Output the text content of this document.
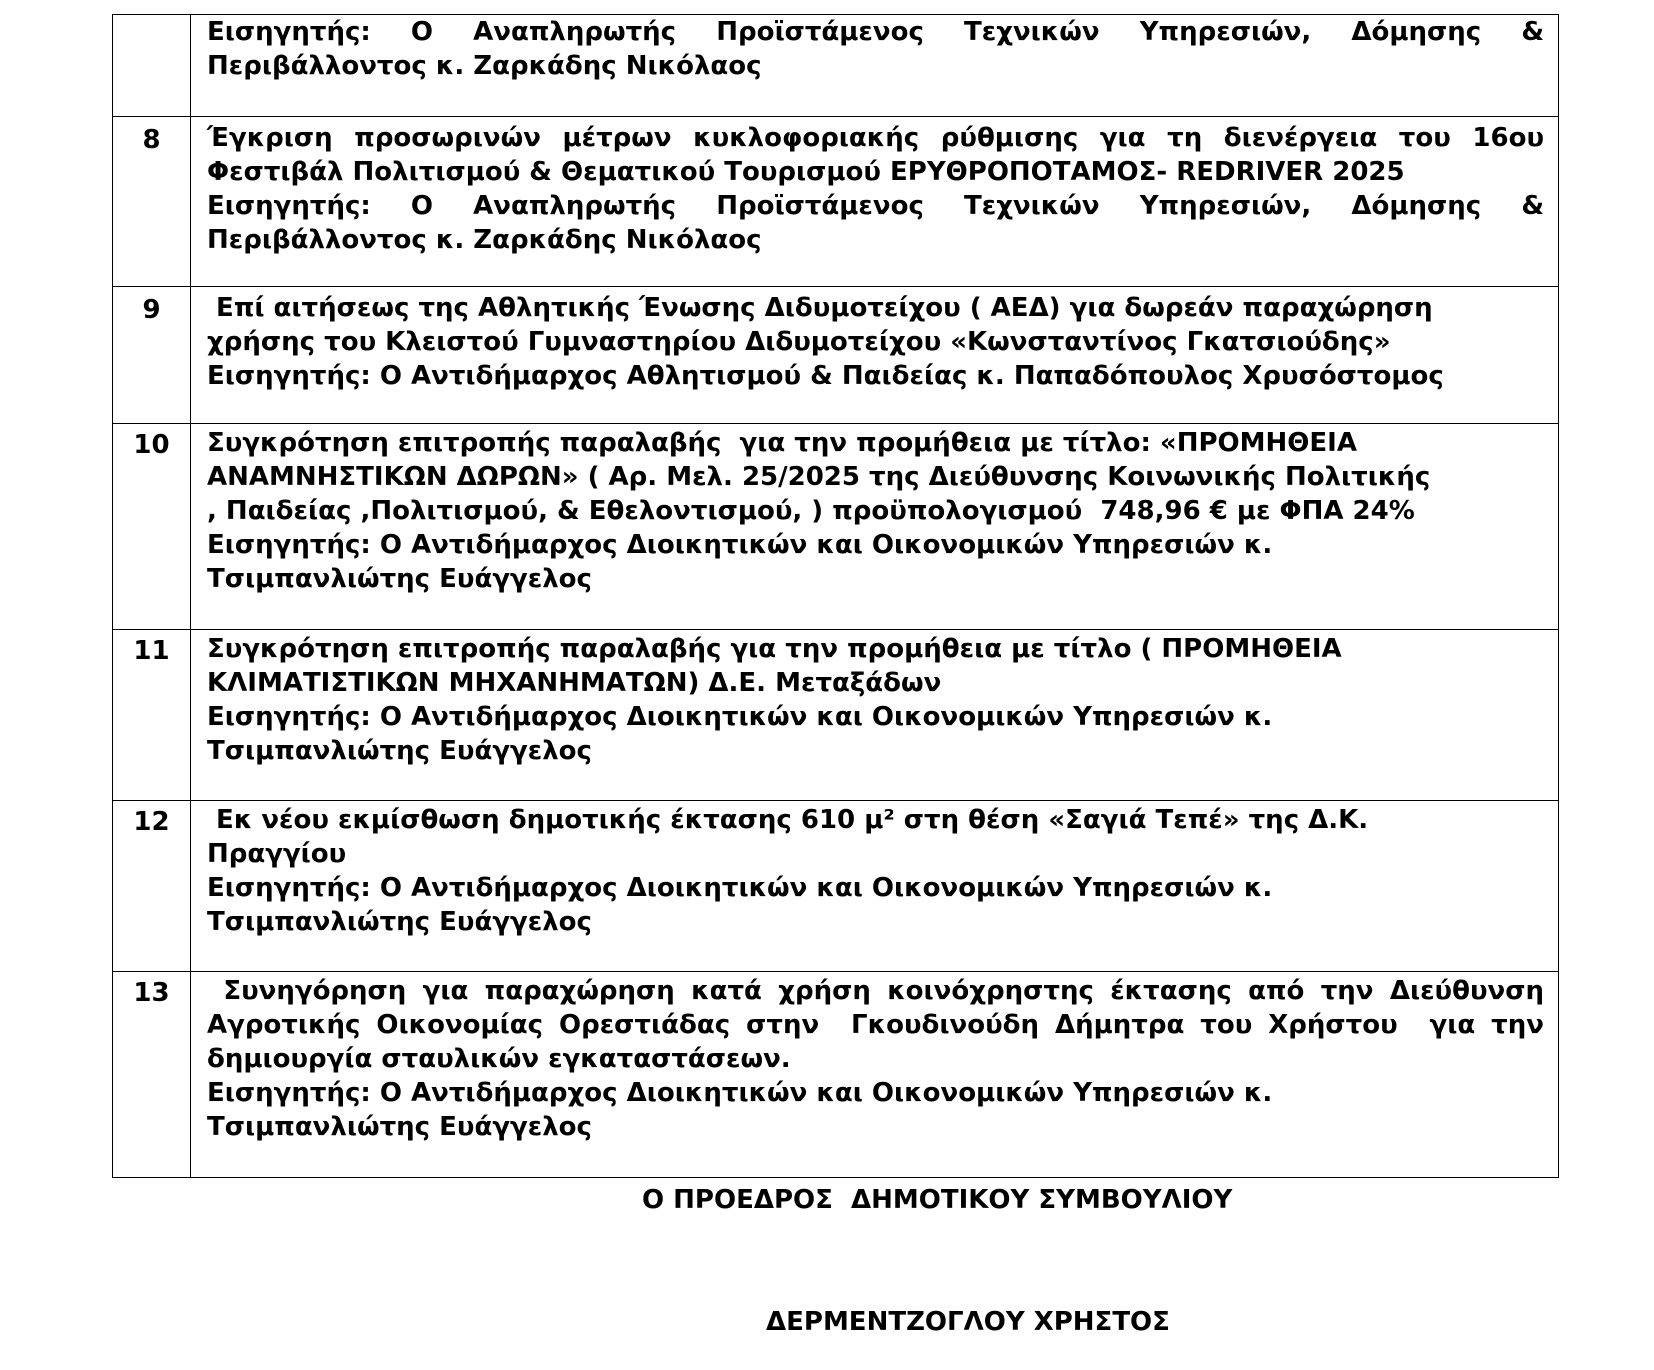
	Εισηγητής: Ο Αναπληρωτής Προϊστάμενος Τεχνικών Υπηρεσιών, Δόμησης &
Περιβάλλοντος κ. Ζαρκάδης Νικόλαος

8	Έγκριση προσωρινών μέτρων κυκλοφοριακής ρύθμισης για τη διενέργεια του 16ου
Φεστιβάλ Πολιτισμού & Θεματικού Τουρισμού ΕΡΥΘΡΟΠΟΤΑΜΟΣ- REDRIVER 2025
Εισηγητής: Ο Αναπληρωτής Προϊστάμενος Τεχνικών Υπηρεσιών, Δόμησης &
Περιβάλλοντος κ. Ζαρκάδης Νικόλαος

9	Επί αιτήσεως της Αθλητικής Ένωσης Διδυμοτείχου ( ΑΕΔ) για δωρεάν παραχώρηση
χρήσης του Κλειστού Γυμναστηρίου Διδυμοτείχου «Κωνσταντίνος Γκατσιούδης»
Εισηγητής: Ο Αντιδήμαρχος Αθλητισμού & Παιδείας κ. Παπαδόπουλος Χρυσόστομος

10	Συγκρότηση επιτροπής παραλαβής  για την προμήθεια με τίτλο: «ΠΡΟΜΗΘΕΙΑ
ΑΝΑΜΝΗΣΤΙΚΩΝ ΔΩΡΩΝ» ( Αρ. Μελ. 25/2025 της Διεύθυνσης Κοινωνικής Πολιτικής
, Παιδείας ,Πολιτισμού, & Εθελοντισμού, ) προϋπολογισμού  748,96 € με ΦΠΑ 24%
Εισηγητής: Ο Αντιδήμαρχος Διοικητικών και Οικονομικών Υπηρεσιών κ.
Τσιμπανλιώτης Ευάγγελος

11	Συγκρότηση επιτροπής παραλαβής για την προμήθεια με τίτλο ( ΠΡΟΜΗΘΕΙΑ
ΚΛΙΜΑΤΙΣΤΙΚΩΝ ΜΗΧΑΝΗΜΑΤΩΝ) Δ.Ε. Μεταξάδων
Εισηγητής: Ο Αντιδήμαρχος Διοικητικών και Οικονομικών Υπηρεσιών κ.
Τσιμπανλιώτης Ευάγγελος

12	Εκ νέου εκμίσθωση δημοτικής έκτασης 610 μ² στη θέση «Σαγιά Τεπέ» της Δ.Κ.
Πραγγίου
Εισηγητής: Ο Αντιδήμαρχος Διοικητικών και Οικονομικών Υπηρεσιών κ.
Τσιμπανλιώτης Ευάγγελος

13	Συνηγόρηση για παραχώρηση κατά χρήση κοινόχρηστης έκτασης από την Διεύθυνση
Αγροτικής Οικονομίας Ορεστιάδας στην  Γκουδινούδη Δήμητρα του Χρήστου  για την
δημιουργία σταυλικών εγκαταστάσεων.
Εισηγητής: Ο Αντιδήμαρχος Διοικητικών και Οικονομικών Υπηρεσιών κ.
Τσιμπανλιώτης Ευάγγελος
Ο ΠΡΟΕΔΡΟΣ  ΔΗΜΟΤΙΚΟΥ ΣΥΜΒΟΥΛΙΟΥ
ΔΕΡΜΕΝΤΖΟΓΛΟΥ ΧΡΗΣΤΟΣ
